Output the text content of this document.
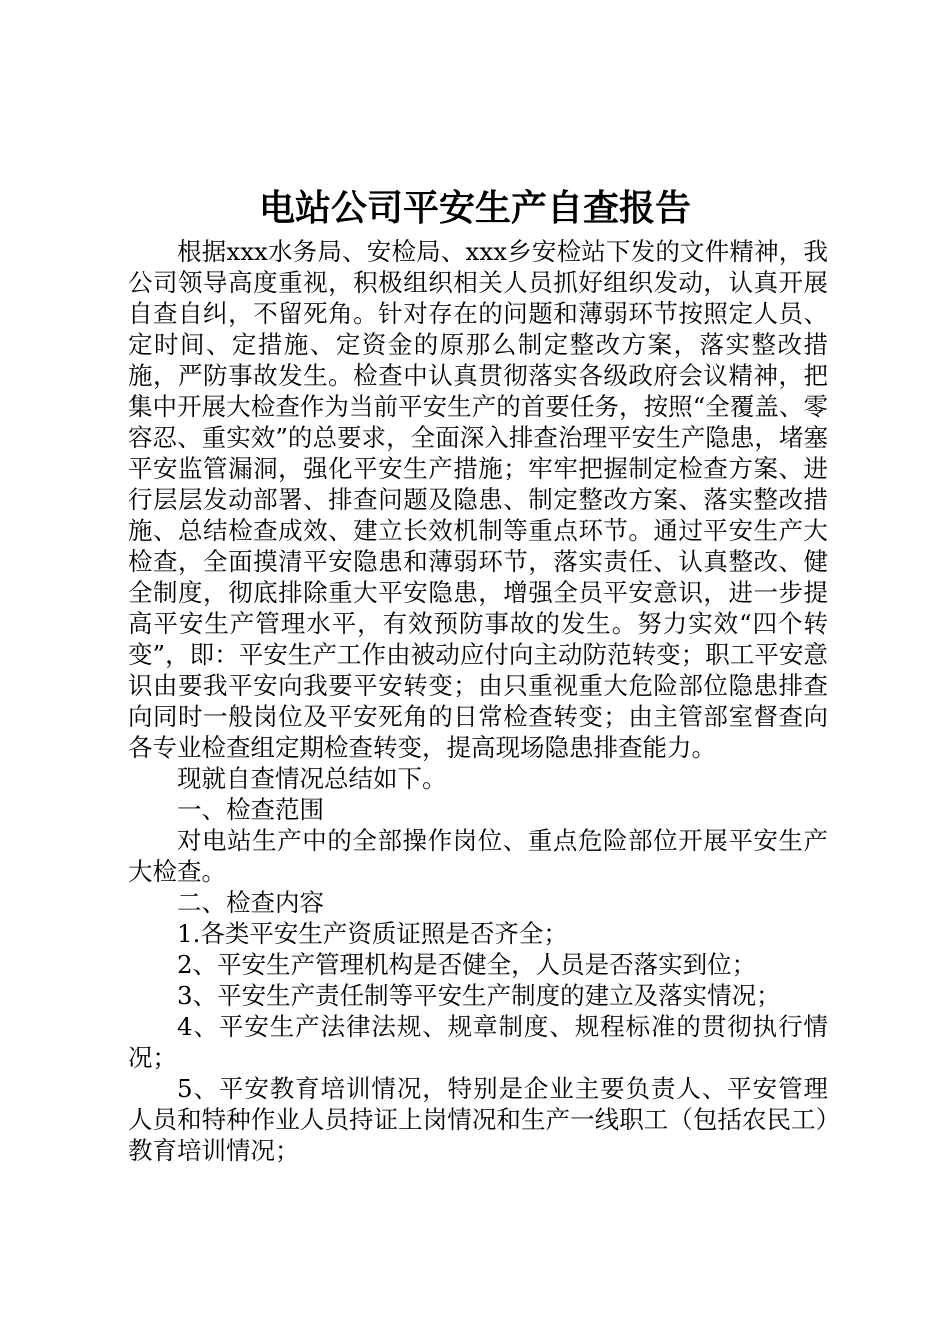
电站公司平安生产自查报告

根据xxx水务局、安检局、xxx乡安检站下发的文件精神，我公司领导高度重视，积极组织相关人员抓好组织发动，认真开展自查自纠，不留死角。针对存在的问题和薄弱环节按照定人员、定时间、定措施、定资金的原那么制定整改方案，落实整改措施，严防事故发生。检查中认真贯彻落实各级政府会议精神，把集中开展大检查作为当前平安生产的首要任务，按照“全覆盖、零容忍、重实效”的总要求，全面深入排查治理平安生产隐患，堵塞平安监管漏洞，强化平安生产措施；牢牢把握制定检查方案、进行层层发动部署、排查问题及隐患、制定整改方案、落实整改措施、总结检查成效、建立长效机制等重点环节。通过平安生产大检查，全面摸清平安隐患和薄弱环节，落实责任、认真整改、健全制度，彻底排除重大平安隐患，增强全员平安意识，进一步提高平安生产管理水平，有效预防事故的发生。努力实效“四个转变”，即：平安生产工作由被动应付向主动防范转变；职工平安意识由要我平安向我要平安转变；由只重视重大危险部位隐患排查向同时一般岗位及平安死角的日常检查转变；由主管部室督查向各专业检查组定期检查转变，提高现场隐患排查能力。

现就自查情况总结如下。

一、检查范围

对电站生产中的全部操作岗位、重点危险部位开展平安生产大检查。

二、检查内容

1.各类平安生产资质证照是否齐全；

2、平安生产管理机构是否健全，人员是否落实到位；

3、平安生产责任制等平安生产制度的建立及落实情况；

4、平安生产法律法规、规章制度、规程标准的贯彻执行情况；

5、平安教育培训情况，特别是企业主要负责人、平安管理人员和特种作业人员持证上岗情况和生产一线职工（包括农民工）教育培训情况；
